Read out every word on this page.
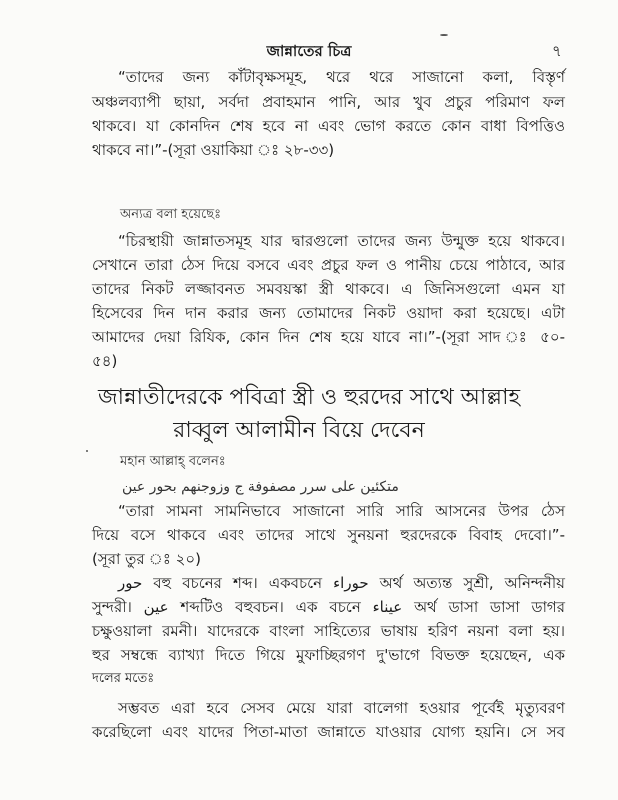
জান্নাতের চিত্র	৭
“তাদের জন্য কাঁটাবৃক্ষসমূহ, থরে থরে সাজানো কলা, বিস্তৃর্ণ
অঞ্চলব্যাপী ছায়া, সর্বদা প্রবাহমান পানি, আর খুব প্রচুর পরিমাণ ফল
থাকবে। যা কোনদিন শেষ হবে না এবং ভোগ করতে কোন বাধা বিপত্তিও
থাকবে না।”-(সূরা ওয়াকিয়া ঃ ২৮-৩৩)
অন্যত্র বলা হয়েছেঃ
“চিরস্থায়ী জান্নাতসমূহ যার দ্বারগুলো তাদের জন্য উন্মুক্ত হয়ে থাকবে।
সেখানে তারা ঠেস দিয়ে বসবে এবং প্রচুর ফল ও পানীয় চেয়ে পাঠাবে, আর
তাদের নিকট লজ্জাবনত সমবয়স্কা স্ত্রী থাকবে। এ জিনিসগুলো এমন যা
হিসেবের দিন দান করার জন্য তোমাদের নিকট ওয়াদা করা হয়েছে। এটা
আমাদের দেয়া রিযিক, কোন দিন শেষ হয়ে যাবে না।”-(সূরা সাদ ঃ ৫০-
৫৪)
জান্নাতীদেরকে পবিত্রা স্ত্রী ও হুরদের সাথে আল্লাহ
রাব্বুল আলামীন বিয়ে দেবেন
মহান আল্লাহ্ বলেনঃ
متكئين على سرر مصفوفة ج وزوجنهم بحور عين
“তারা সামনা সামনিভাবে সাজানো সারি সারি আসনের উপর ঠেস
দিয়ে বসে থাকবে এবং তাদের সাথে সুনয়না হুরদেরকে বিবাহ দেবো।”-
(সূরা তুর ঃ ২০)
حور বহু বচনের শব্দ। একবচনে حوراء অর্থ অত্যন্ত সুশ্রী, অনিন্দনীয়
সুন্দরী। عين শব্দটিও বহুবচন। এক বচনে عيناء অর্থ ডাসা ডাসা ডাগর
চক্ষুওয়ালা রমনী। যাদেরকে বাংলা সাহিত্যের ভাষায় হরিণ নয়না বলা হয়।
হুর সম্বন্ধে ব্যাখ্যা দিতে গিয়ে মুফাচ্ছিরগণ দু'ভাগে বিভক্ত হয়েছেন, এক
দলের মতেঃ
সম্ভবত এরা হবে সেসব মেয়ে যারা বালেগা হওয়ার পূর্বেই মৃত্যুবরণ
করেছিলো এবং যাদের পিতা-মাতা জান্নাতে যাওয়ার যোগ্য হয়নি। সে সব
